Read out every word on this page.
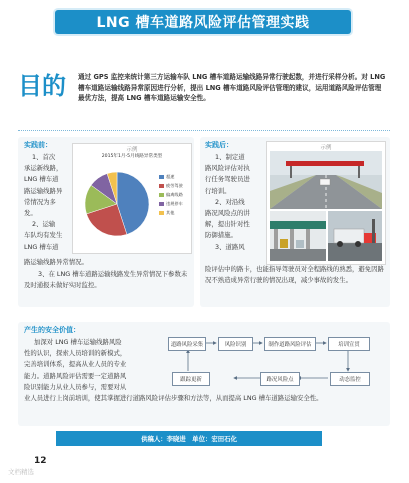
LNG 槽车道路风险评估管理实践
目的 通过 GPS 监控来统计第三方运输车队 LNG 槽车道路运输线路异常行驶起数，并进行采样分析。对 LNG 槽车道路运输线路异常原因进行分析，提出 LNG 槽车道路风险评估管理的建议，运用道路风险评估管理最优方法，提高 LNG 槽车道路运输安全性。
实践前：
1、首次
承运新线路，
LNG 槽车道
路运输线路异
常情况为多
发。
2、运输
车队均有发生
LNG 槽车道
路运输线路异常情况。
3、在 LNG 槽车道路运输线路发生异常情况下参数未及时通报未做好实时监控。
示例
2015年1月-5月线路异常类型
超速
疲劳驾驶
偏离线路
违规停车
其他
实践后：
1、制定道
路风险评估对执
行任务驾驶员进
行培训。
2、对沿线
路况风险点的讲
解，提出针对性
防御措施。
3、道路风
险评估中的路卡，也能指导驾驶员对全程路线的熟悉，避免因路况不熟造成异常行驶的情况出现，减少事故的发生。
示例
产生的安全价值：
加深对 LNG 槽车运输线路风险
性的认识，探索人员培训的新模式，
完善培训体系，提高从业人员的专业
能力。道路风险评估需要一定道路风
险识别能力从业人员参与，需要对从
业人员进行上岗前培训，使其掌握进行道路风险评估步骤和方法等，从而提高 LNG 槽车道路运输安全性。
道路风险采集	风险识别	制作道路风险评估	培训宣贯
跟踪更新	路况风险点	动态监控
供稿人：李晓进　单位：宏田石化
12
文档精选
